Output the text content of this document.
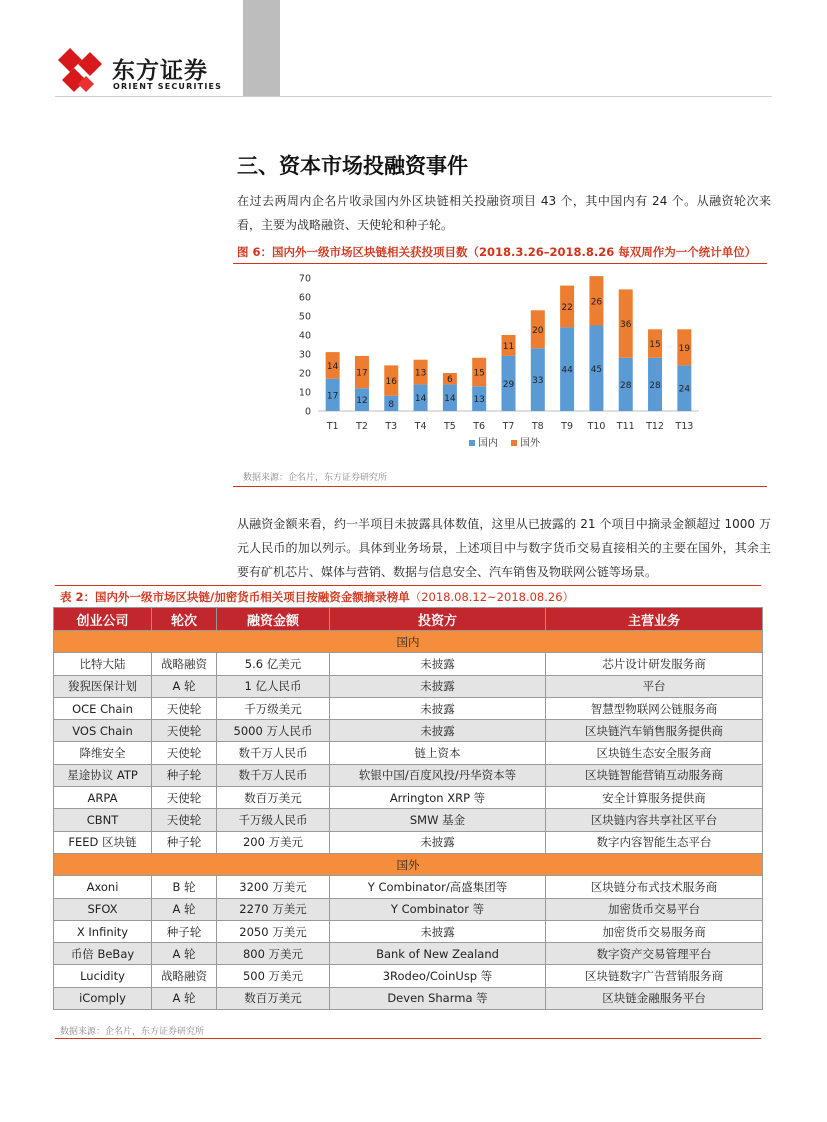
东方证券
ORIENT SECURITIES
三、资本市场投融资事件
在过去两周内企名片收录国内外区块链相关投融资项目 43 个，其中国内有 24 个。从融资轮次来看，主要为战略融资、天使轮和种子轮。
图 6：国内外一级市场区块链相关获投项目数（2018.3.26–2018.8.26 每双周作为一个统计单位）
0
10
20
30
40
50
60
70
17
14
T1
12
17
T2
8
16
T3
14
13
T4
14
6
T5
13
15
T6
29
11
T7
33
20
T8
44
22
T9
45
26
T10
28
36
T11
28
15
T12
24
19
T13
国内 国外
数据来源：企名片，东方证券研究所
从融资金额来看，约一半项目未披露具体数值，这里从已披露的 21 个项目中摘录金额超过 1000 万元人民币的加以列示。具体到业务场景，上述项目中与数字货币交易直接相关的主要在国外，其余主要有矿机芯片、媒体与营销、数据与信息安全、汽车销售及物联网公链等场景。
表 2：国内外一级市场区块链/加密货币相关项目按融资金额摘录榜单（2018.08.12~2018.08.26）
创业公司	轮次	融资金额	投资方	主营业务
国内				
比特大陆	战略融资	5.6 亿美元	未披露	芯片设计研发服务商
狻猊医保计划	A 轮	1 亿人民币	未披露	平台
OCE Chain	天使轮	千万级美元	未披露	智慧型物联网公链服务商
VOS Chain	天使轮	5000 万人民币	未披露	区块链汽车销售服务提供商
降维安全	天使轮	数千万人民币	链上资本	区块链生态安全服务商
星途协议 ATP	种子轮	数千万人民币	软银中国/百度风投/丹华资本等	区块链智能营销互动服务商
ARPA	天使轮	数百万美元	Arrington XRP 等	安全计算服务提供商
CBNT	天使轮	千万级人民币	SMW 基金	区块链内容共享社区平台
FEED 区块链	种子轮	200 万美元	未披露	数字内容智能生态平台
国外				
Axoni	B 轮	3200 万美元	Y Combinator/高盛集团等	区块链分布式技术服务商
SFOX	A 轮	2270 万美元	Y Combinator 等	加密货币交易平台
X Infinity	种子轮	2050 万美元	未披露	加密货币交易服务商
币倍 BeBay	A 轮	800 万美元	Bank of New Zealand	数字资产交易管理平台
Lucidity	战略融资	500 万美元	3Rodeo/CoinUsp 等	区块链数字广告营销服务商
iComply	A 轮	数百万美元	Deven Sharma 等	区块链金融服务平台
数据来源：企名片，东方证券研究所
